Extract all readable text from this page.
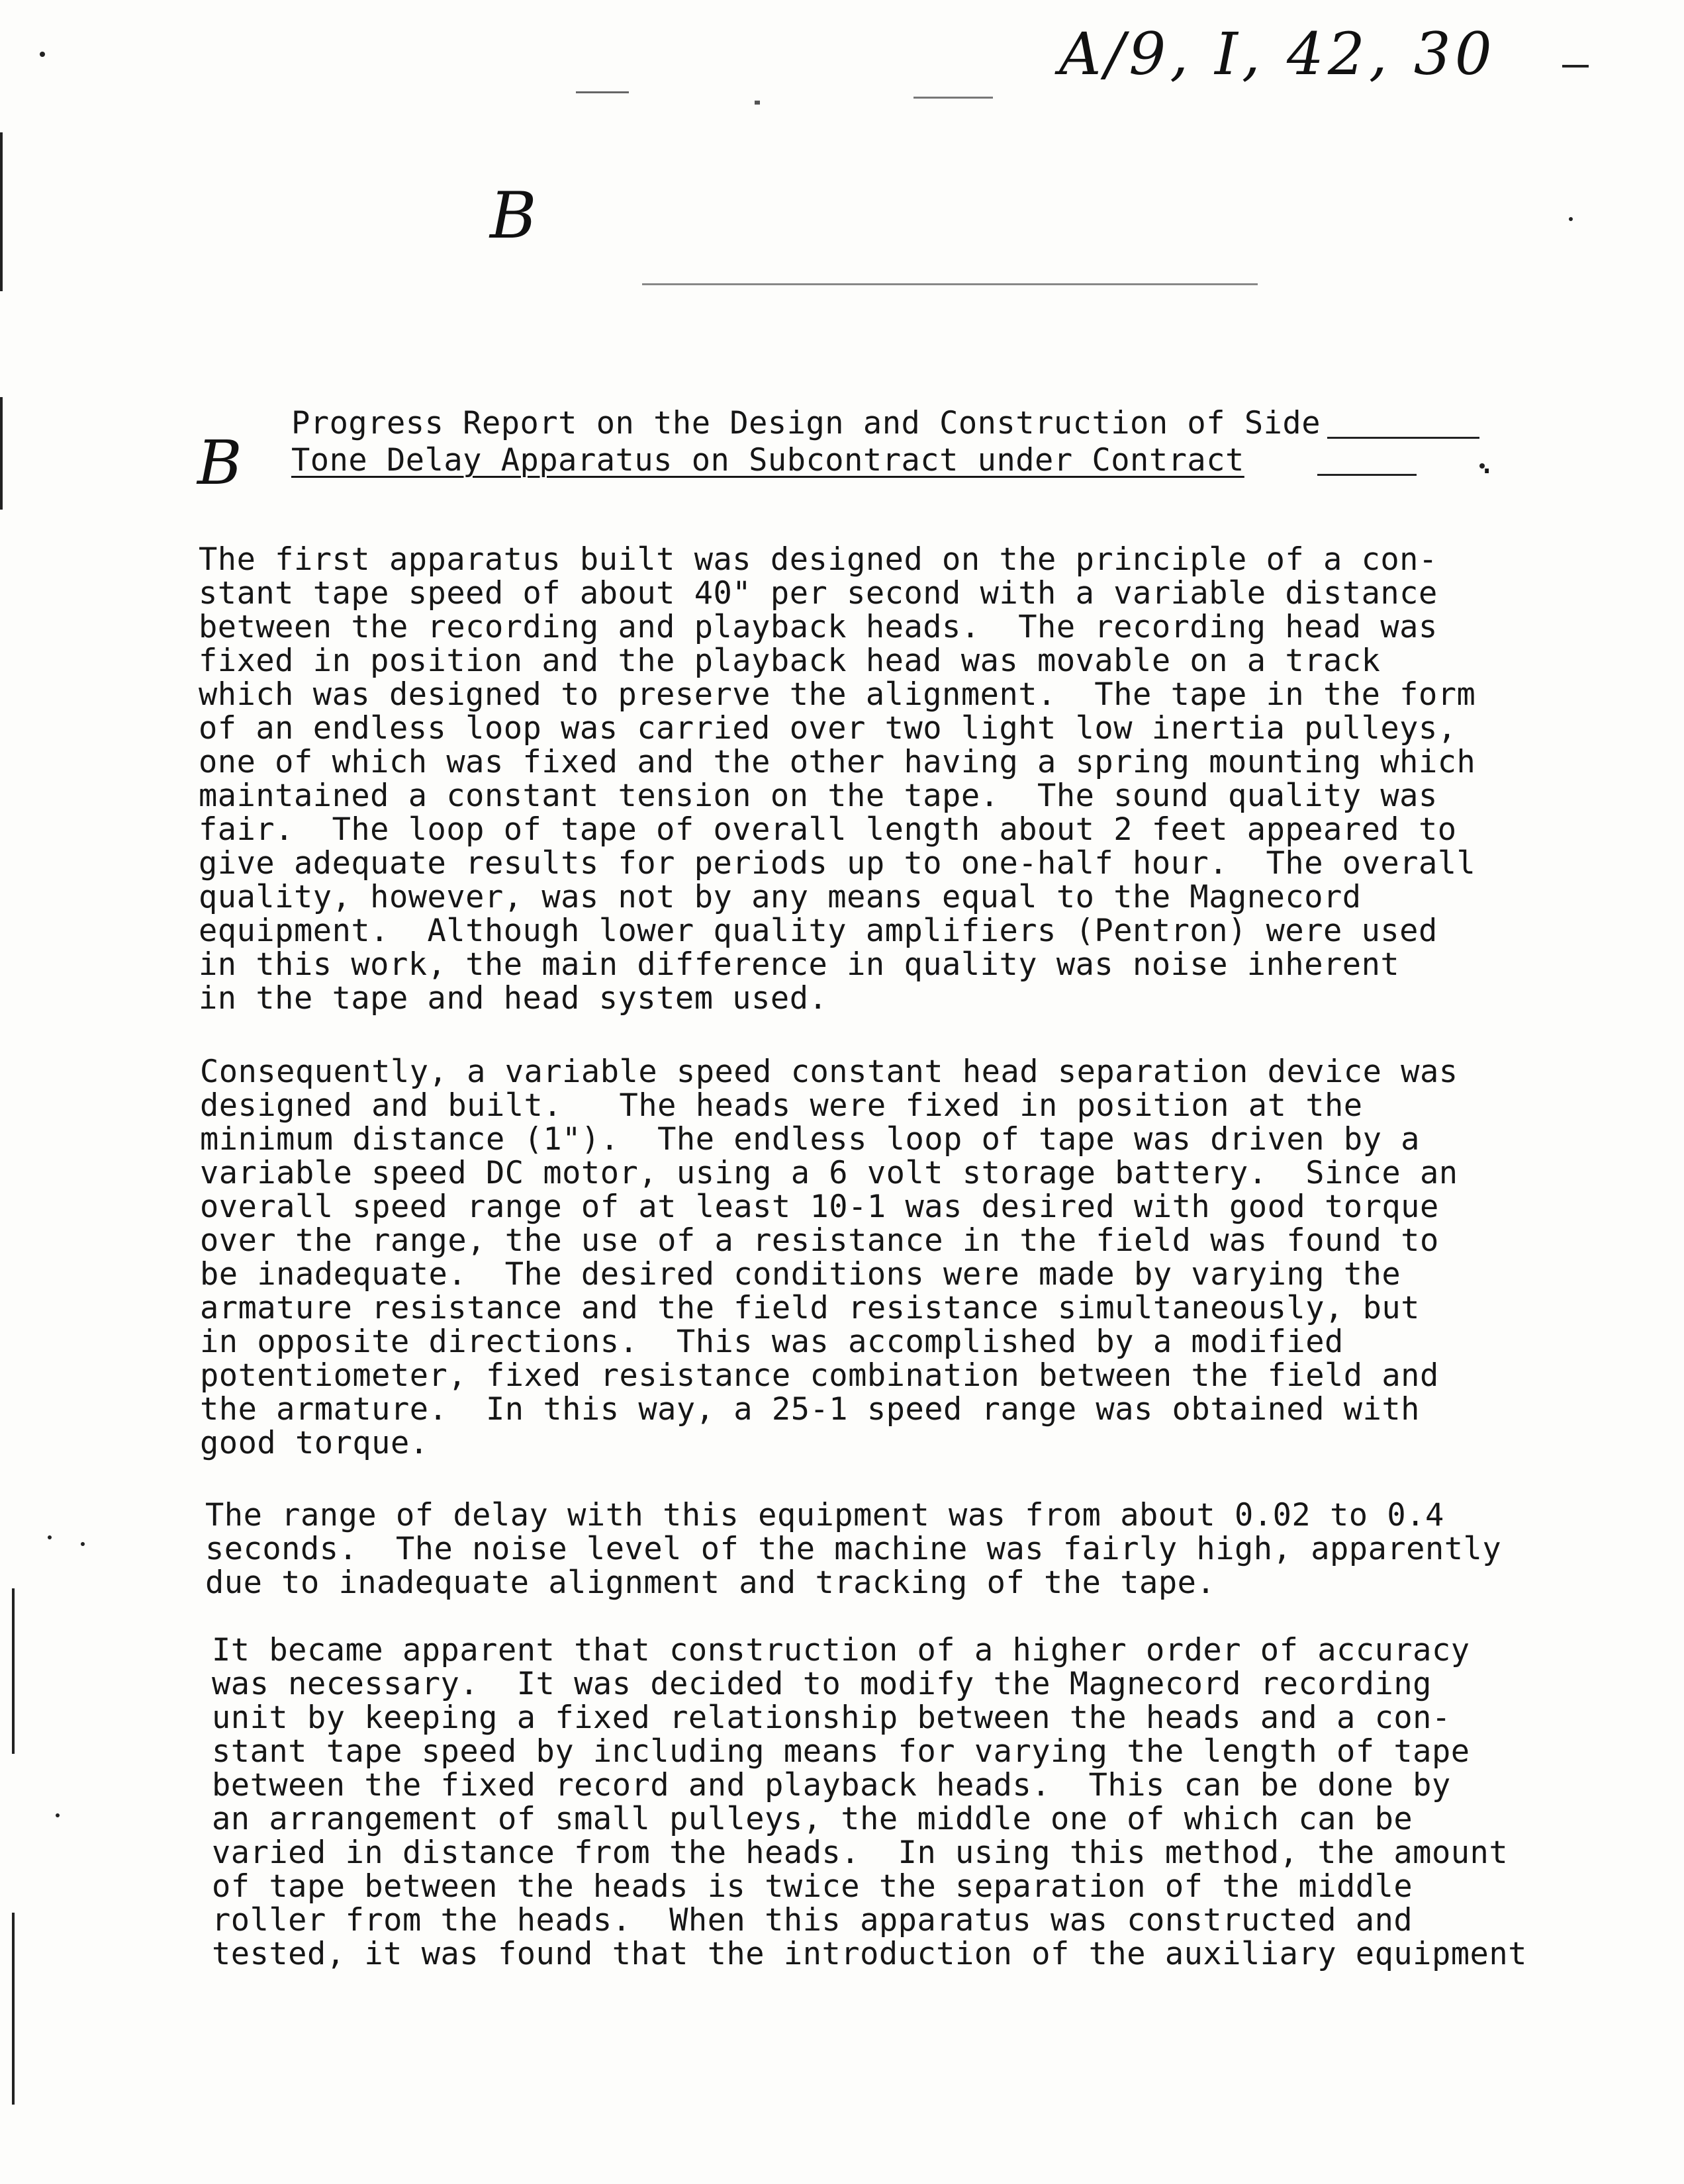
A/9, I, 42, 30
B
B
Progress Report on the Design and Construction of Side
Tone Delay Apparatus on Subcontract under Contract	.
The first apparatus built was designed on the principle of a con-
stant tape speed of about 40" per second with a variable distance
between the recording and playback heads.  The recording head was
fixed in position and the playback head was movable on a track
which was designed to preserve the alignment.  The tape in the form
of an endless loop was carried over two light low inertia pulleys,
one of which was fixed and the other having a spring mounting which
maintained a constant tension on the tape.  The sound quality was
fair.  The loop of tape of overall length about 2 feet appeared to
give adequate results for periods up to one-half hour.  The overall
quality, however, was not by any means equal to the Magnecord
equipment.  Although lower quality amplifiers (Pentron) were used
in this work, the main difference in quality was noise inherent
in the tape and head system used.
Consequently, a variable speed constant head separation device was
designed and built.   The heads were fixed in position at the
minimum distance (1").  The endless loop of tape was driven by a
variable speed DC motor, using a 6 volt storage battery.  Since an
overall speed range of at least 10-1 was desired with good torque
over the range, the use of a resistance in the field was found to
be inadequate.  The desired conditions were made by varying the
armature resistance and the field resistance simultaneously, but
in opposite directions.  This was accomplished by a modified
potentiometer, fixed resistance combination between the field and
the armature.  In this way, a 25-1 speed range was obtained with
good torque.
The range of delay with this equipment was from about 0.02 to 0.4
seconds.  The noise level of the machine was fairly high, apparently
due to inadequate alignment and tracking of the tape.
It became apparent that construction of a higher order of accuracy
was necessary.  It was decided to modify the Magnecord recording
unit by keeping a fixed relationship between the heads and a con-
stant tape speed by including means for varying the length of tape
between the fixed record and playback heads.  This can be done by
an arrangement of small pulleys, the middle one of which can be
varied in distance from the heads.  In using this method, the amount
of tape between the heads is twice the separation of the middle
roller from the heads.  When this apparatus was constructed and
tested, it was found that the introduction of the auxiliary equipment
